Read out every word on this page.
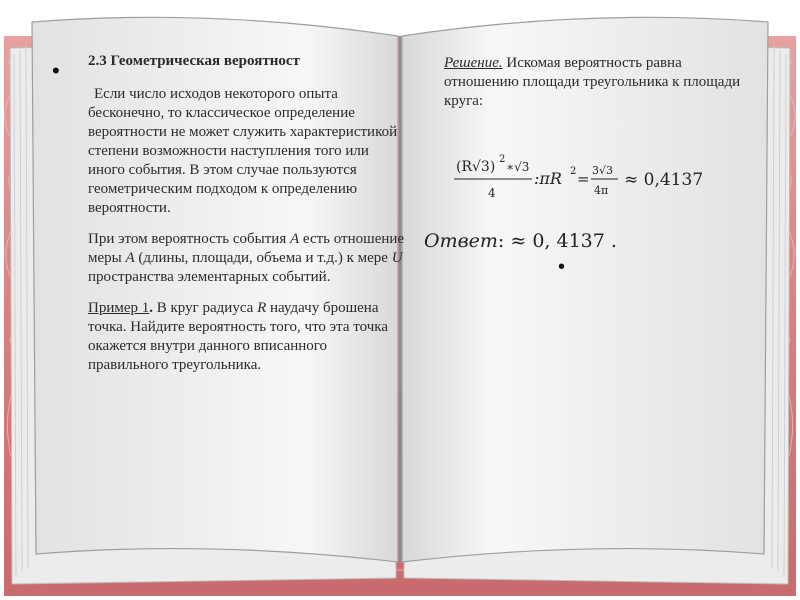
• 2.3 Геометрическая вероятност
Если число исходов некоторого опыта бесконечно, то классическое определение вероятности не может служить характеристикой степени возможности наступления того или иного события. В этом случае пользуются геометрическим подходом к определению вероятности.
При этом вероятность события A есть отношение меры A (длины, площади, объема и т.д.) к мере U пространства элементарных событий.
Пример 1. В круг радиуса R наудачу брошена точка. Найдите вероятность того, что эта точка окажется внутри данного вписанного правильного треугольника.
Решение. Искомая вероятность равна отношению площади треугольника к площади круга:
(R√3) 2
∗√3
4
:πR 2 = 3√3
4π
≈ 0,4137
Ответ: ≈ 0, 4137 .
•
